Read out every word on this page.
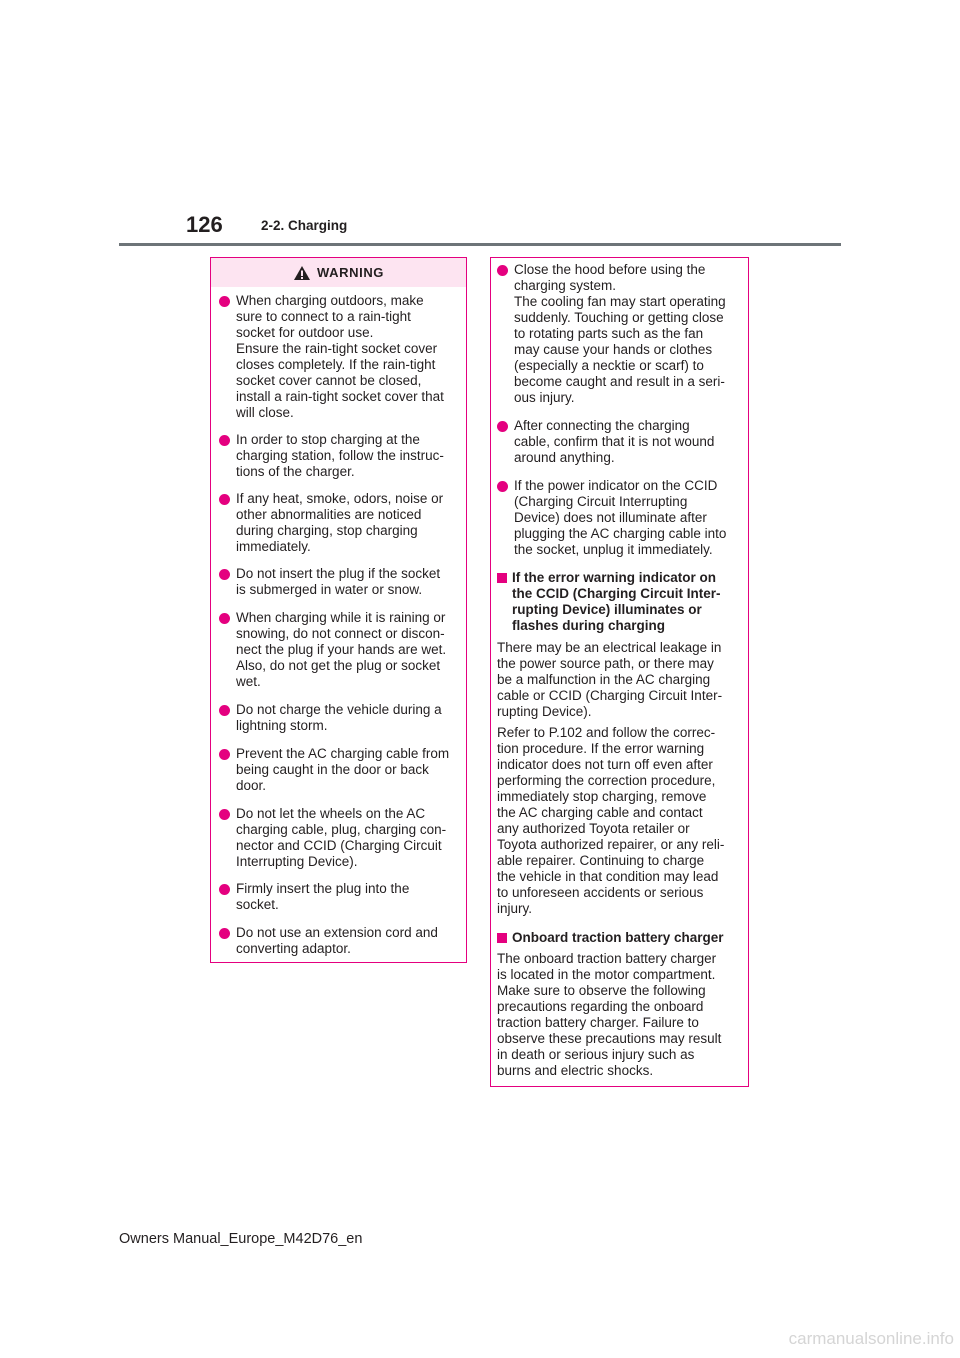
126	2-2. Charging
WARNING
When charging outdoors, make
sure to connect to a rain-tight
socket for outdoor use.
Ensure the rain-tight socket cover
closes completely. If the rain-tight
socket cover cannot be closed,
install a rain-tight socket cover that
will close.
In order to stop charging at the
charging station, follow the instruc-
tions of the charger.
If any heat, smoke, odors, noise or
other abnormalities are noticed
during charging, stop charging
immediately.
Do not insert the plug if the socket
is submerged in water or snow.
When charging while it is raining or
snowing, do not connect or discon-
nect the plug if your hands are wet.
Also, do not get the plug or socket
wet.
Do not charge the vehicle during a
lightning storm.
Prevent the AC charging cable from
being caught in the door or back
door.
Do not let the wheels on the AC
charging cable, plug, charging con-
nector and CCID (Charging Circuit
Interrupting Device).
Firmly insert the plug into the
socket.
Do not use an extension cord and
converting adaptor.
Close the hood before using the
charging system.
The cooling fan may start operating
suddenly. Touching or getting close
to rotating parts such as the fan
may cause your hands or clothes
(especially a necktie or scarf) to
become caught and result in a seri-
ous injury.
After connecting the charging
cable, confirm that it is not wound
around anything.
If the power indicator on the CCID
(Charging Circuit Interrupting
Device) does not illuminate after
plugging the AC charging cable into
the socket, unplug it immediately.
If the error warning indicator on
the CCID (Charging Circuit Inter-
rupting Device) illuminates or
flashes during charging
There may be an electrical leakage in
the power source path, or there may
be a malfunction in the AC charging
cable or CCID (Charging Circuit Inter-
rupting Device).
Refer to P.102 and follow the correc-
tion procedure. If the error warning
indicator does not turn off even after
performing the correction procedure,
immediately stop charging, remove
the AC charging cable and contact
any authorized Toyota retailer or
Toyota authorized repairer, or any reli-
able repairer. Continuing to charge
the vehicle in that condition may lead
to unforeseen accidents or serious
injury.
Onboard traction battery charger
The onboard traction battery charger
is located in the motor compartment.
Make sure to observe the following
precautions regarding the onboard
traction battery charger. Failure to
observe these precautions may result
in death or serious injury such as
burns and electric shocks.
Owners Manual_Europe_M42D76_en
carmanualsonline.info
